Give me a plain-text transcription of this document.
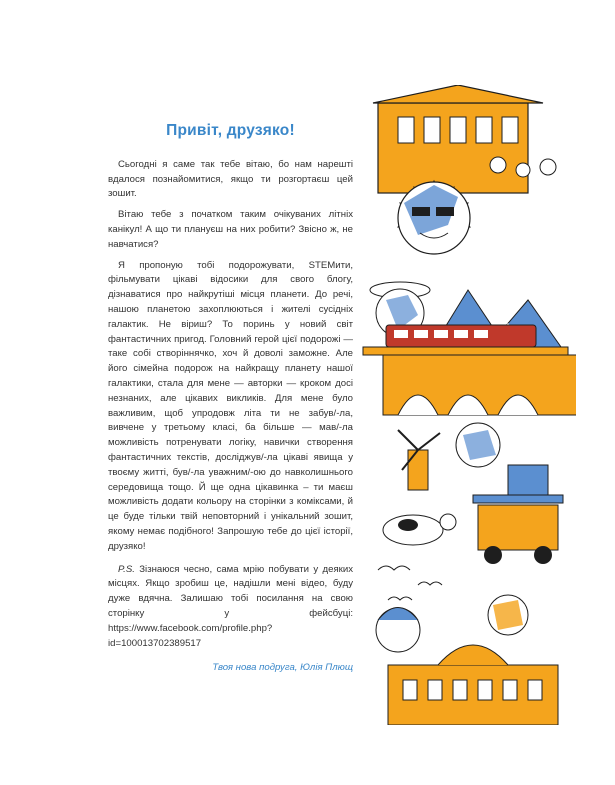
Привіт, друзяко!

Сьогодні я саме так тебе вітаю, бо нам нарешті вдалося познайомитися, якщо ти розгортаєш цей зошит.

Вітаю тебе з початком таким очікуваних літніх канікул! А що ти плануєш на них робити? Звісно ж, не навчатися?

Я пропоную тобі подорожувати, STEMити, фільмувати цікаві відосики для свого блогу, дізнаватися про найкрутіші місця планети. До речі, нашою планетою захоплюються і жителі сусідніх галактик. Не віриш? То поринь у новий світ фантастичних пригод. Головний герой цієї подорожі — таке собі створіннячко, хоч й доволі заможне. Але його сімейна подорож на найкращу планету нашої галактики, стала для мене — авторки — кроком досі незнаних, але цікавих викликів. Для мене було важливим, щоб упродовж літа ти не забув/-ла, вивчене у третьому класі, ба більше — мав/-ла можливість потренувати логіку, навички створення фантастичних текстів, досліджув/-ла цікаві явища у твоєму житті, був/-ла уважним/-ою до навколишнього середовища тощо. Й ще одна цікавинка – ти маєш можливість додати кольору на сторінки з комiксами, й це буде тільки твій неповторний і унікальний зошит, якому немає подібного! Запрошую тебе до цієї історії, друзяко!

P.S. Зізнаюся чесно, сама мрію побувати у деяких місцях. Якщо зробиш це, надішли мені відео, буду дуже вдячна. Залишаю тобі посилання на свою сторінку у фейсбуці: https://www.facebook.com/profile.php?id=100013702389517

Твоя нова подруга, Юлія Плющ
